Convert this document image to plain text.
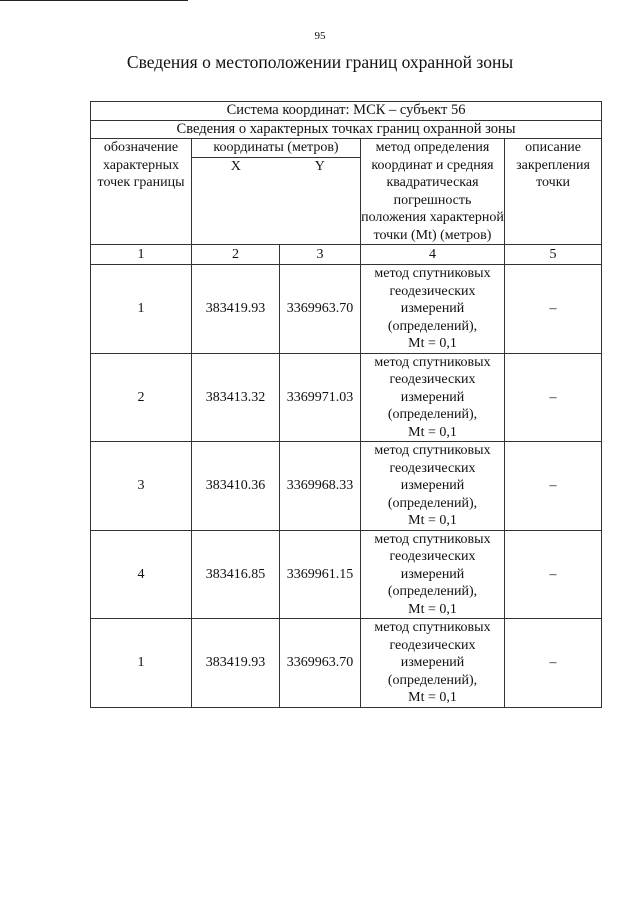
95
Сведения о местоположении границ охранной зоны
Система координат: МСК – субъект 56				
Сведения о характерных точках границ охранной зоны				
обозначение характерных точек границы	координаты (метров)		метод определения координат и средняя квадратическая погрешность положения характерной точки (Mt) (метров)	описание закрепления точки
	X	Y		
1	2	3	4	5
1	383419.93	3369963.70	метод спутниковых
геодезических
измерений
(определений),
Mt = 0,1	–
2	383413.32	3369971.03	метод спутниковых
геодезических
измерений
(определений),
Mt = 0,1	–
3	383410.36	3369968.33	метод спутниковых
геодезических
измерений
(определений),
Mt = 0,1	–
4	383416.85	3369961.15	метод спутниковых
геодезических
измерений
(определений),
Mt = 0,1	–
1	383419.93	3369963.70	метод спутниковых
геодезических
измерений
(определений),
Mt = 0,1	–
